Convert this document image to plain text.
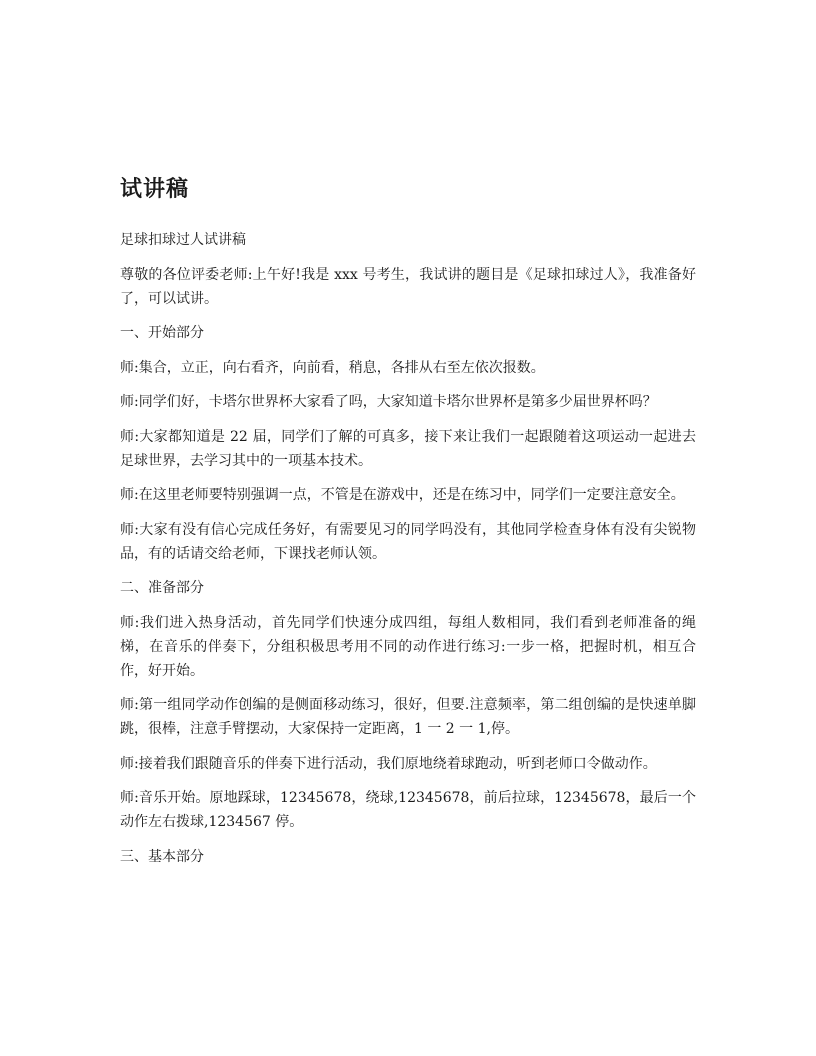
试讲稿

足球扣球过人试讲稿

尊敬的各位评委老师:上午好!我是 xxx 号考生，我试讲的题目是《足球扣球过人》，我准备好了，可以试讲。

一、开始部分

师:集合，立正，向右看齐，向前看，稍息，各排从右至左依次报数。

师:同学们好，卡塔尔世界杯大家看了吗，大家知道卡塔尔世界杯是第多少届世界杯吗？

师:大家都知道是 22 届，同学们了解的可真多，接下来让我们一起跟随着这项运动一起进去足球世界，去学习其中的一项基本技术。

师:在这里老师要特别强调一点，不管是在游戏中，还是在练习中，同学们一定要注意安全。

师:大家有没有信心完成任务好，有需要见习的同学吗没有，其他同学检查身体有没有尖锐物品，有的话请交给老师，下课找老师认领。

二、准备部分

师:我们进入热身活动，首先同学们快速分成四组，每组人数相同，我们看到老师准备的绳梯，在音乐的伴奏下，分组积极思考用不同的动作进行练习:一步一格，把握时机，相互合作，好开始。

师:第一组同学动作创编的是侧面移动练习，很好，但要.注意频率，第二组创编的是快速单脚跳，很棒，注意手臂摆动，大家保持一定距离，1 一 2 一 1,停。

师:接着我们跟随音乐的伴奏下进行活动，我们原地绕着球跑动，听到老师口令做动作。

师:音乐开始。原地踩球，12345678，绕球,12345678，前后拉球，12345678，最后一个动作左右拨球,1234567 停。

三、基本部分
